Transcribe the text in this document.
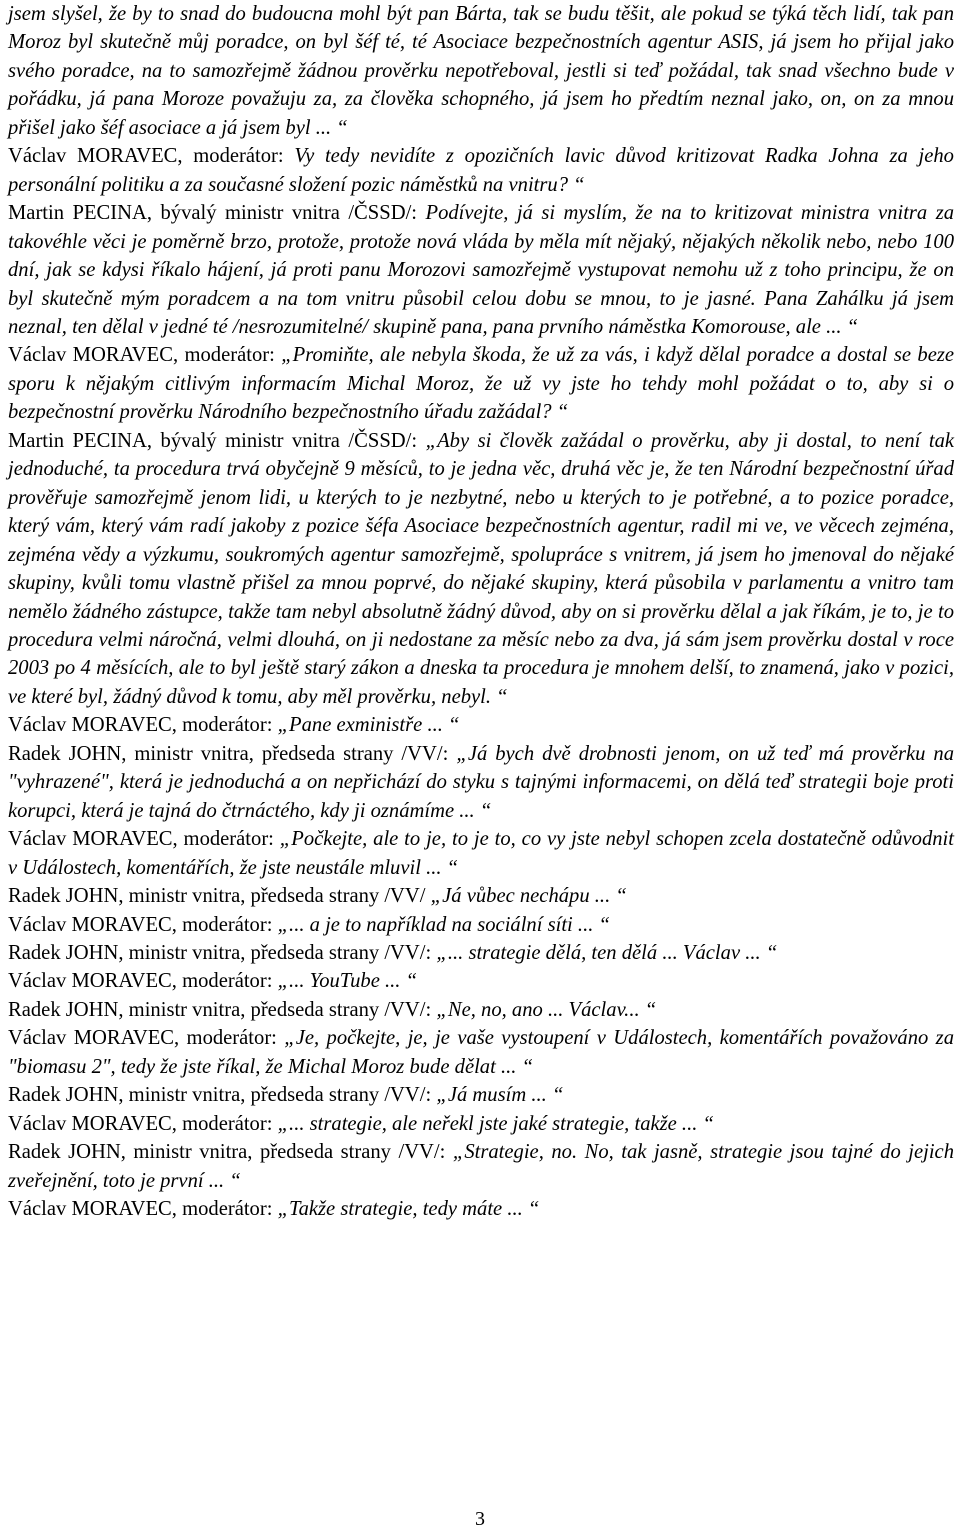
jsem slyšel, že by to snad do budoucna mohl být pan Bárta, tak se budu těšit, ale pokud se týká těch lidí, tak pan Moroz byl skutečně můj poradce, on byl šéf té, té Asociace bezpečnostních agentur ASIS, já jsem ho přijal jako svého poradce, na to samozřejmě žádnou prověrku nepotřeboval, jestli si teď požádal, tak snad všechno bude v pořádku, já pana Moroze považuju za, za člověka schopného, já jsem ho předtím neznal jako, on, on za mnou přišel jako šéf asociace a já jsem byl ... “

Václav MORAVEC, moderátor: Vy tedy nevidíte z opozičních lavic důvod kritizovat Radka Johna za jeho personální politiku a za současné složení pozic náměstků na vnitru? “

Martin PECINA, bývalý ministr vnitra /ČSSD/: Podívejte, já si myslím, že na to kritizovat ministra vnitra za takovéhle věci je poměrně brzo, protože, protože nová vláda by měla mít nějaký, nějakých několik nebo, nebo 100 dní, jak se kdysi říkalo hájení, já proti panu Morozovi samozřejmě vystupovat nemohu už z toho principu, že on byl skutečně mým poradcem a na tom vnitru působil celou dobu se mnou, to je jasné. Pana Zahálku já jsem neznal, ten dělal v jedné té /nesrozumitelné/ skupině pana, pana prvního náměstka Komorouse, ale ... “

Václav MORAVEC, moderátor: „Promiňte, ale nebyla škoda, že už za vás, i když dělal poradce a dostal se beze sporu k nějakým citlivým informacím Michal Moroz, že už vy jste ho tehdy mohl požádat o to, aby si o bezpečnostní prověrku Národního bezpečnostního úřadu zažádal? “

Martin PECINA, bývalý ministr vnitra /ČSSD/: „Aby si člověk zažádal o prověrku, aby ji dostal, to není tak jednoduché, ta procedura trvá obyčejně 9 měsíců, to je jedna věc, druhá věc je, že ten Národní bezpečnostní úřad prověřuje samozřejmě jenom lidi, u kterých to je nezbytné, nebo u kterých to je potřebné, a to pozice poradce, který vám, který vám radí jakoby z pozice šéfa Asociace bezpečnostních agentur, radil mi ve, ve věcech zejména, zejména vědy a výzkumu, soukromých agentur samozřejmě, spolupráce s vnitrem, já jsem ho jmenoval do nějaké skupiny, kvůli tomu vlastně přišel za mnou poprvé, do nějaké skupiny, která působila v parlamentu a vnitro tam nemělo žádného zástupce, takže tam nebyl absolutně žádný důvod, aby on si prověrku dělal a jak říkám, je to, je to procedura velmi náročná, velmi dlouhá, on ji nedostane za měsíc nebo za dva, já sám jsem prověrku dostal v roce 2003 po 4 měsících, ale to byl ještě starý zákon a dneska ta procedura je mnohem delší, to znamená, jako v pozici, ve které byl, žádný důvod k tomu, aby měl prověrku, nebyl. “

Václav MORAVEC, moderátor: „Pane exministře ... “

Radek JOHN, ministr vnitra, předseda strany /VV/: „Já bych dvě drobnosti jenom, on už teď má prověrku na "vyhrazené", která je jednoduchá a on nepřichází do styku s tajnými informacemi, on dělá teď strategii boje proti korupci, která je tajná do čtrnáctého, kdy ji oznámíme ... “

Václav MORAVEC, moderátor: „Počkejte, ale to je, to je to, co vy jste nebyl schopen zcela dostatečně odůvodnit v Událostech, komentářích, že jste neustále mluvil ... “

Radek JOHN, ministr vnitra, předseda strany /VV/ „Já vůbec nechápu ... “

Václav MORAVEC, moderátor: „... a je to například na sociální síti ... “

Radek JOHN, ministr vnitra, předseda strany /VV/: „... strategie dělá, ten dělá ... Václav ... “

Václav MORAVEC, moderátor: „... YouTube ... “

Radek JOHN, ministr vnitra, předseda strany /VV/: „Ne, no, ano ... Václav... “

Václav MORAVEC, moderátor: „Je, počkejte, je, je vaše vystoupení v Událostech, komentářích považováno za "biomasu 2", tedy že jste říkal, že Michal Moroz bude dělat ... “

Radek JOHN, ministr vnitra, předseda strany /VV/: „Já musím ... “

Václav MORAVEC, moderátor: „... strategie, ale neřekl jste jaké strategie, takže ... “

Radek JOHN, ministr vnitra, předseda strany /VV/: „Strategie, no. No, tak jasně, strategie jsou tajné do jejich zveřejnění, toto je první ... “

Václav MORAVEC, moderátor: „Takže strategie, tedy máte ... “

3
